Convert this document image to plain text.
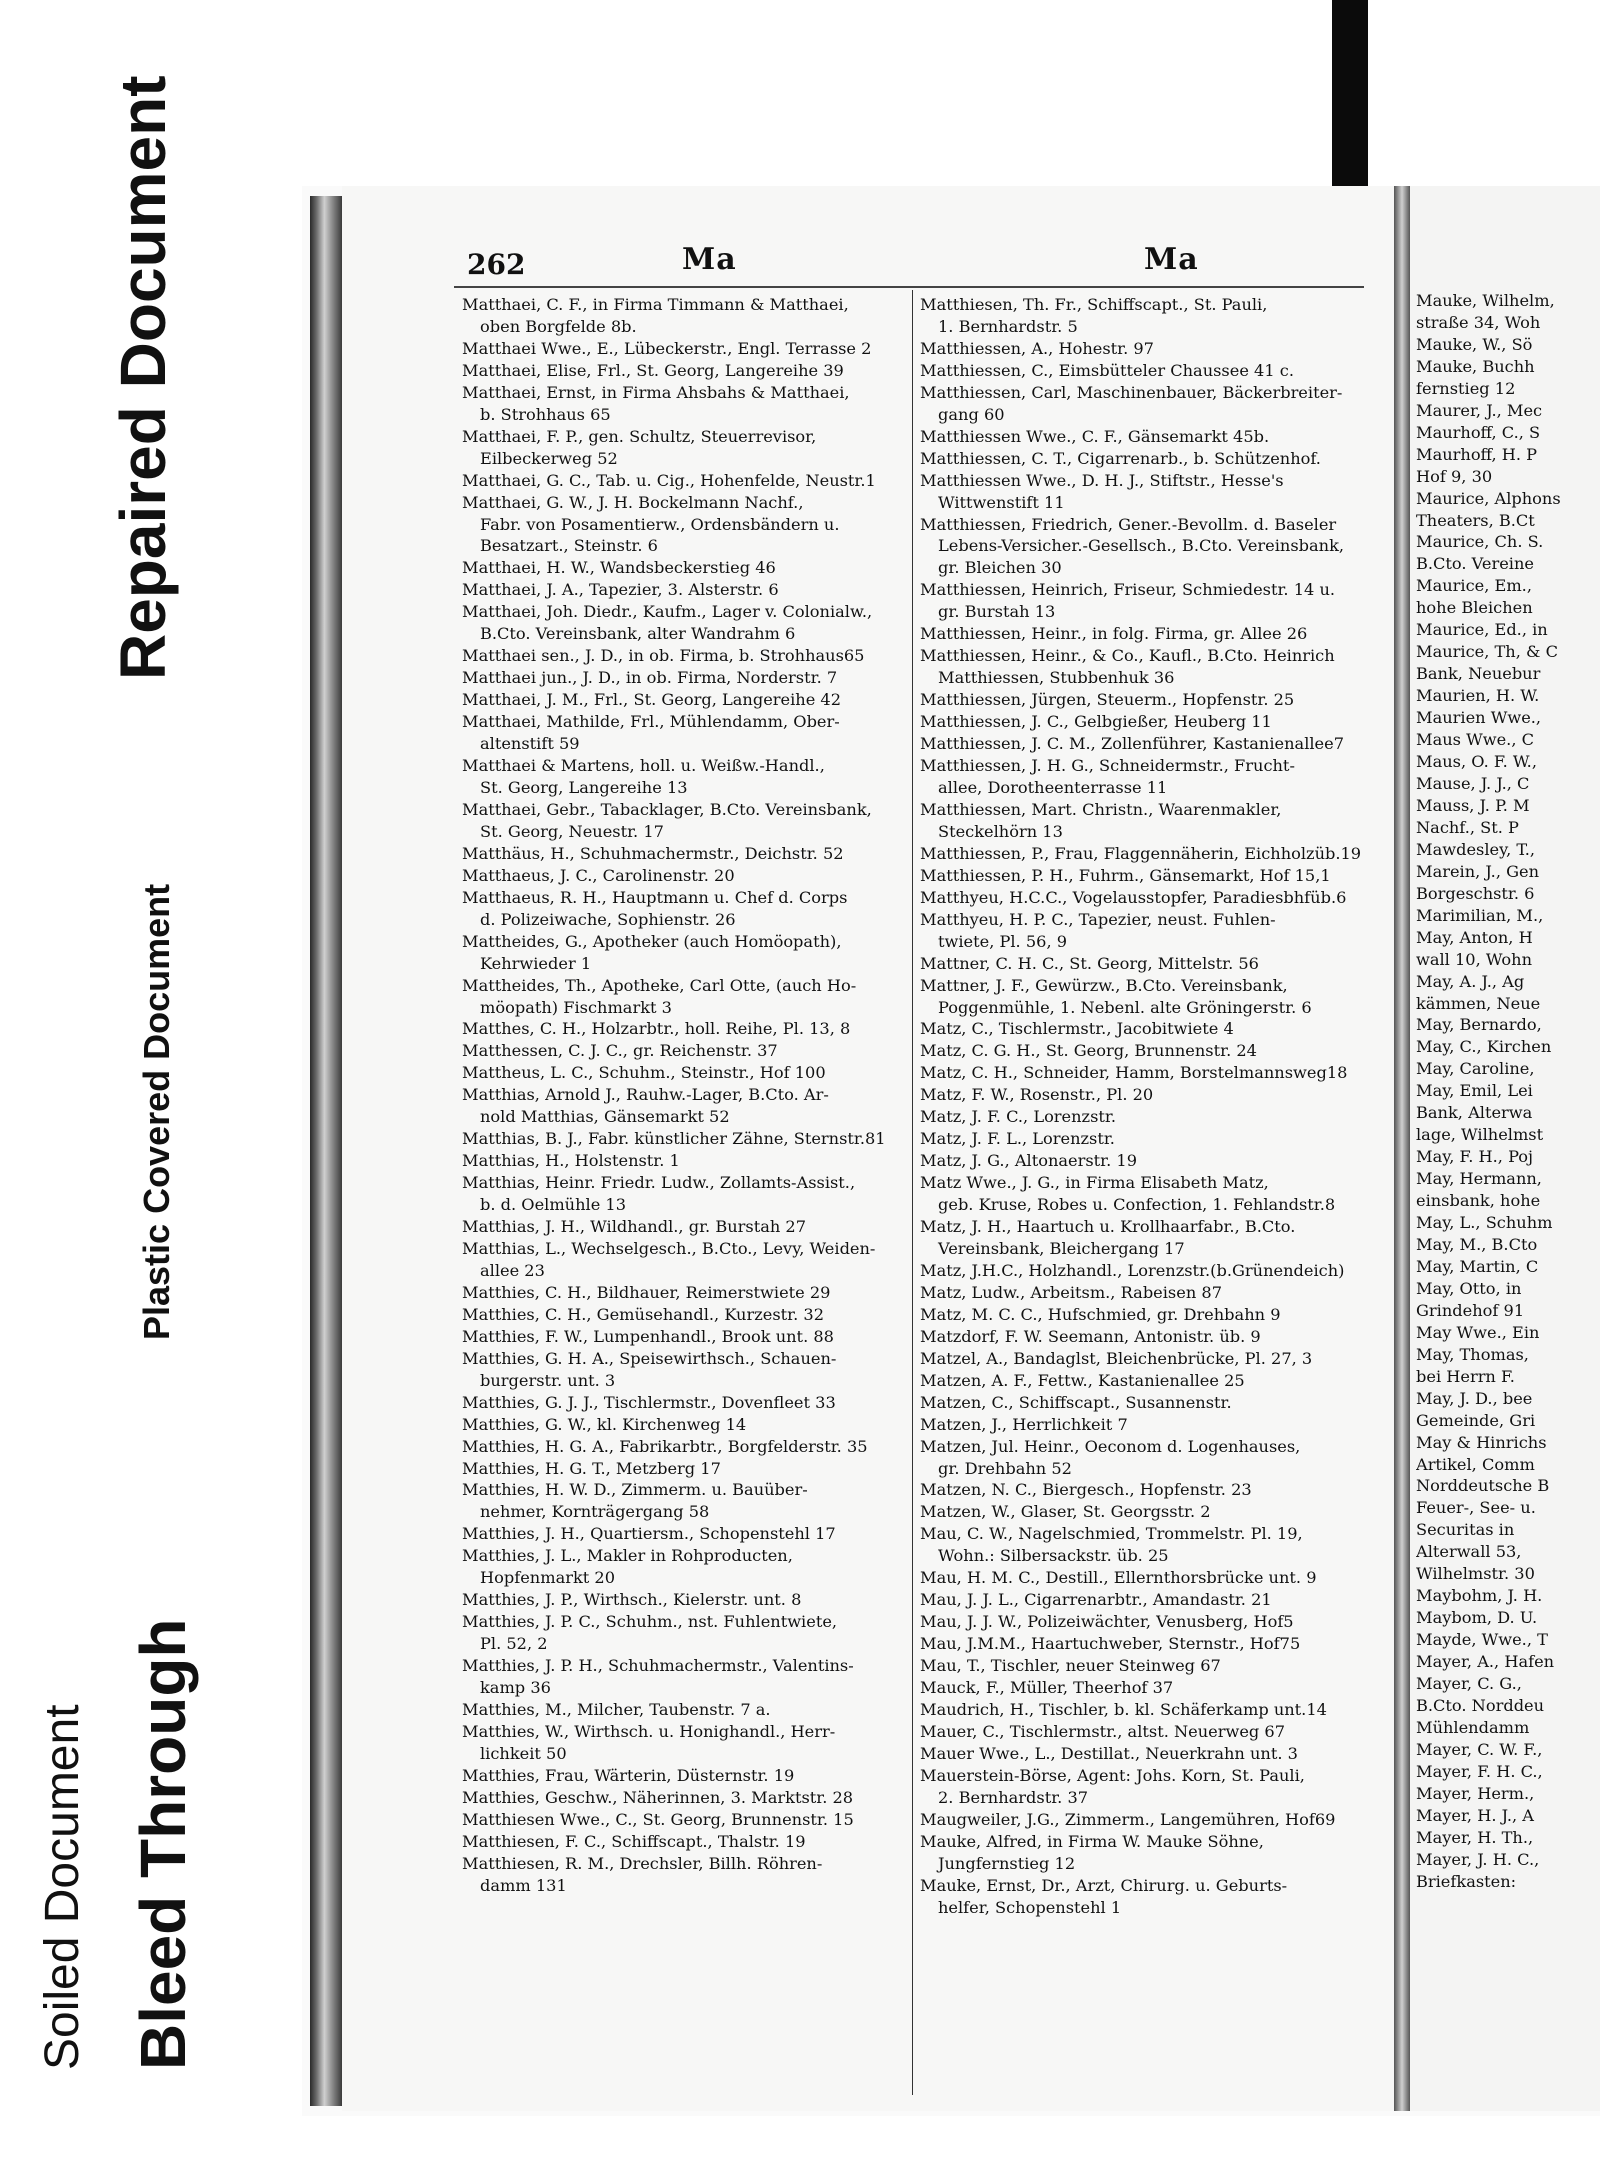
Repaired Document
Plastic Covered Document
Soiled Document Bleed Through
262	Ma	Ma
Matthaei, C. F., in Firma Timmann & Matthaei,
oben Borgfelde 8b.
Matthaei Wwe., E., Lübeckerstr., Engl. Terrasse 2
Matthaei, Elise, Frl., St. Georg, Langereihe 39
Matthaei, Ernst, in Firma Ahsbahs & Matthaei,
b. Strohhaus 65
Matthaei, F. P., gen. Schultz, Steuerrevisor,
Eilbeckerweg 52
Matthaei, G. C., Tab. u. Cig., Hohenfelde, Neustr.1
Matthaei, G. W., J. H. Bockelmann Nachf.,
Fabr. von Posamentierw., Ordensbändern u.
Besatzart., Steinstr. 6
Matthaei, H. W., Wandsbeckerstieg 46
Matthaei, J. A., Tapezier, 3. Alsterstr. 6
Matthaei, Joh. Diedr., Kaufm., Lager v. Colonialw.,
B.Cto. Vereinsbank, alter Wandrahm 6
Matthaei sen., J. D., in ob. Firma, b. Strohhaus65
Matthaei jun., J. D., in ob. Firma, Norderstr. 7
Matthaei, J. M., Frl., St. Georg, Langereihe 42
Matthaei, Mathilde, Frl., Mühlendamm, Ober-
altenstift 59
Matthaei & Martens, holl. u. Weißw.-Handl.,
St. Georg, Langereihe 13
Matthaei, Gebr., Tabacklager, B.Cto. Vereinsbank,
St. Georg, Neuestr. 17
Matthäus, H., Schuhmachermstr., Deichstr. 52
Matthaeus, J. C., Carolinenstr. 20
Matthaeus, R. H., Hauptmann u. Chef d. Corps
d. Polizeiwache, Sophienstr. 26
Mattheides, G., Apotheker (auch Homöopath),
Kehrwieder 1
Mattheides, Th., Apotheke, Carl Otte, (auch Ho-
möopath) Fischmarkt 3
Matthes, C. H., Holzarbtr., holl. Reihe, Pl. 13, 8
Matthessen, C. J. C., gr. Reichenstr. 37
Mattheus, L. C., Schuhm., Steinstr., Hof 100
Matthias, Arnold J., Rauhw.-Lager, B.Cto. Ar-
nold Matthias, Gänsemarkt 52
Matthias, B. J., Fabr. künstlicher Zähne, Sternstr.81
Matthias, H., Holstenstr. 1
Matthias, Heinr. Friedr. Ludw., Zollamts-Assist.,
b. d. Oelmühle 13
Matthias, J. H., Wildhandl., gr. Burstah 27
Matthias, L., Wechselgesch., B.Cto., Levy, Weiden-
allee 23
Matthies, C. H., Bildhauer, Reimerstwiete 29
Matthies, C. H., Gemüsehandl., Kurzestr. 32
Matthies, F. W., Lumpenhandl., Brook unt. 88
Matthies, G. H. A., Speisewirthsch., Schauen-
burgerstr. unt. 3
Matthies, G. J. J., Tischlermstr., Dovenfleet 33
Matthies, G. W., kl. Kirchenweg 14
Matthies, H. G. A., Fabrikarbtr., Borgfelderstr. 35
Matthies, H. G. T., Metzberg 17
Matthies, H. W. D., Zimmerm. u. Bauüber-
nehmer, Kornträgergang 58
Matthies, J. H., Quartiersm., Schopenstehl 17
Matthies, J. L., Makler in Rohproducten,
Hopfenmarkt 20
Matthies, J. P., Wirthsch., Kielerstr. unt. 8
Matthies, J. P. C., Schuhm., nst. Fuhlentwiete,
Pl. 52, 2
Matthies, J. P. H., Schuhmachermstr., Valentins-
kamp 36
Matthies, M., Milcher, Taubenstr. 7 a.
Matthies, W., Wirthsch. u. Honighandl., Herr-
lichkeit 50
Matthies, Frau, Wärterin, Düsternstr. 19
Matthies, Geschw., Näherinnen, 3. Marktstr. 28
Matthiesen Wwe., C., St. Georg, Brunnenstr. 15
Matthiesen, F. C., Schiffscapt., Thalstr. 19
Matthiesen, R. M., Drechsler, Billh. Röhren-
damm 131
Matthiesen, Th. Fr., Schiffscapt., St. Pauli,
1. Bernhardstr. 5
Matthiessen, A., Hohestr. 97
Matthiessen, C., Eimsbütteler Chaussee 41 c.
Matthiessen, Carl, Maschinenbauer, Bäckerbreiter-
gang 60
Matthiessen Wwe., C. F., Gänsemarkt 45b.
Matthiessen, C. T., Cigarrenarb., b. Schützenhof.
Matthiessen Wwe., D. H. J., Stiftstr., Hesse's
Wittwenstift 11
Matthiessen, Friedrich, Gener.-Bevollm. d. Baseler
Lebens-Versicher.-Gesellsch., B.Cto. Vereinsbank,
gr. Bleichen 30
Matthiessen, Heinrich, Friseur, Schmiedestr. 14 u.
gr. Burstah 13
Matthiessen, Heinr., in folg. Firma, gr. Allee 26
Matthiessen, Heinr., & Co., Kaufl., B.Cto. Heinrich
Matthiessen, Stubbenhuk 36
Matthiessen, Jürgen, Steuerm., Hopfenstr. 25
Matthiessen, J. C., Gelbgießer, Heuberg 11
Matthiessen, J. C. M., Zollenführer, Kastanienallee7
Matthiessen, J. H. G., Schneidermstr., Frucht-
allee, Dorotheenterrasse 11
Matthiessen, Mart. Christn., Waarenmakler,
Steckelhörn 13
Matthiessen, P., Frau, Flaggennäherin, Eichholzüb.19
Matthiessen, P. H., Fuhrm., Gänsemarkt, Hof 15,1
Matthyeu, H.C.C., Vogelausstopfer, Paradiesbhfüb.6
Matthyeu, H. P. C., Tapezier, neust. Fuhlen-
twiete, Pl. 56, 9
Mattner, C. H. C., St. Georg, Mittelstr. 56
Mattner, J. F., Gewürzw., B.Cto. Vereinsbank,
Poggenmühle, 1. Nebenl. alte Gröningerstr. 6
Matz, C., Tischlermstr., Jacobitwiete 4
Matz, C. G. H., St. Georg, Brunnenstr. 24
Matz, C. H., Schneider, Hamm, Borstelmannsweg18
Matz, F. W., Rosenstr., Pl. 20
Matz, J. F. C., Lorenzstr.
Matz, J. F. L., Lorenzstr.
Matz, J. G., Altonaerstr. 19
Matz Wwe., J. G., in Firma Elisabeth Matz,
geb. Kruse, Robes u. Confection, 1. Fehlandstr.8
Matz, J. H., Haartuch u. Krollhaarfabr., B.Cto.
Vereinsbank, Bleichergang 17
Matz, J.H.C., Holzhandl., Lorenzstr.(b.Grünendeich)
Matz, Ludw., Arbeitsm., Rabeisen 87
Matz, M. C. C., Hufschmied, gr. Drehbahn 9
Matzdorf, F. W. Seemann, Antonistr. üb. 9
Matzel, A., Bandaglst, Bleichenbrücke, Pl. 27, 3
Matzen, A. F., Fettw., Kastanienallee 25
Matzen, C., Schiffscapt., Susannenstr.
Matzen, J., Herrlichkeit 7
Matzen, Jul. Heinr., Oeconom d. Logenhauses,
gr. Drehbahn 52
Matzen, N. C., Biergesch., Hopfenstr. 23
Matzen, W., Glaser, St. Georgsstr. 2
Mau, C. W., Nagelschmied, Trommelstr. Pl. 19,
Wohn.: Silbersackstr. üb. 25
Mau, H. M. C., Destill., Ellernthorsbrücke unt. 9
Mau, J. J. L., Cigarrenarbtr., Amandastr. 21
Mau, J. J. W., Polizeiwächter, Venusberg, Hof5
Mau, J.M.M., Haartuchweber, Sternstr., Hof75
Mau, T., Tischler, neuer Steinweg 67
Mauck, F., Müller, Theerhof 37
Maudrich, H., Tischler, b. kl. Schäferkamp unt.14
Mauer, C., Tischlermstr., altst. Neuerweg 67
Mauer Wwe., L., Destillat., Neuerkrahn unt. 3
Mauerstein-Börse, Agent: Johs. Korn, St. Pauli,
2. Bernhardstr. 37
Maugweiler, J.G., Zimmerm., Langemühren, Hof69
Mauke, Alfred, in Firma W. Mauke Söhne,
Jungfernstieg 12
Mauke, Ernst, Dr., Arzt, Chirurg. u. Geburts-
helfer, Schopenstehl 1
Mauke, Wilhelm,
straße 34, Woh
Mauke, W., Sö
Mauke, Buchh
fernstieg 12
Maurer, J., Mec
Maurhoff, C., S
Maurhoff, H. P
Hof 9, 30
Maurice, Alphons
Theaters, B.Ct
Maurice, Ch. S.
B.Cto. Vereine
Maurice, Em.,
hohe Bleichen
Maurice, Ed., in
Maurice, Th, & C
Bank, Neuebur
Maurien, H. W.
Maurien Wwe.,
Maus Wwe., C
Maus, O. F. W.,
Mause, J. J., C
Mauss, J. P. M
Nachf., St. P
Mawdesley, T.,
Marein, J., Gen
Borgeschstr. 6
Marimilian, M.,
May, Anton, H
wall 10, Wohn
May, A. J., Ag
kämmen, Neue
May, Bernardo,
May, C., Kirchen
May, Caroline,
May, Emil, Lei
Bank, Alterwa
lage, Wilhelmst
May, F. H., Poj
May, Hermann,
einsbank, hohe
May, L., Schuhm
May, M., B.Cto
May, Martin, C
May, Otto, in
Grindehof 91
May Wwe., Ein
May, Thomas,
bei Herrn F.
May, J. D., bee
Gemeinde, Gri
May & Hinrichs
Artikel, Comm
Norddeutsche B
Feuer-, See- u.
Securitas in
Alterwall 53,
Wilhelmstr. 30
Maybohm, J. H.
Maybom, D. U.
Mayde, Wwe., T
Mayer, A., Hafen
Mayer, C. G.,
B.Cto. Norddeu
Mühlendamm
Mayer, C. W. F.,
Mayer, F. H. C.,
Mayer, Herm.,
Mayer, H. J., A
Mayer, H. Th.,
Mayer, J. H. C.,
Briefkasten:
